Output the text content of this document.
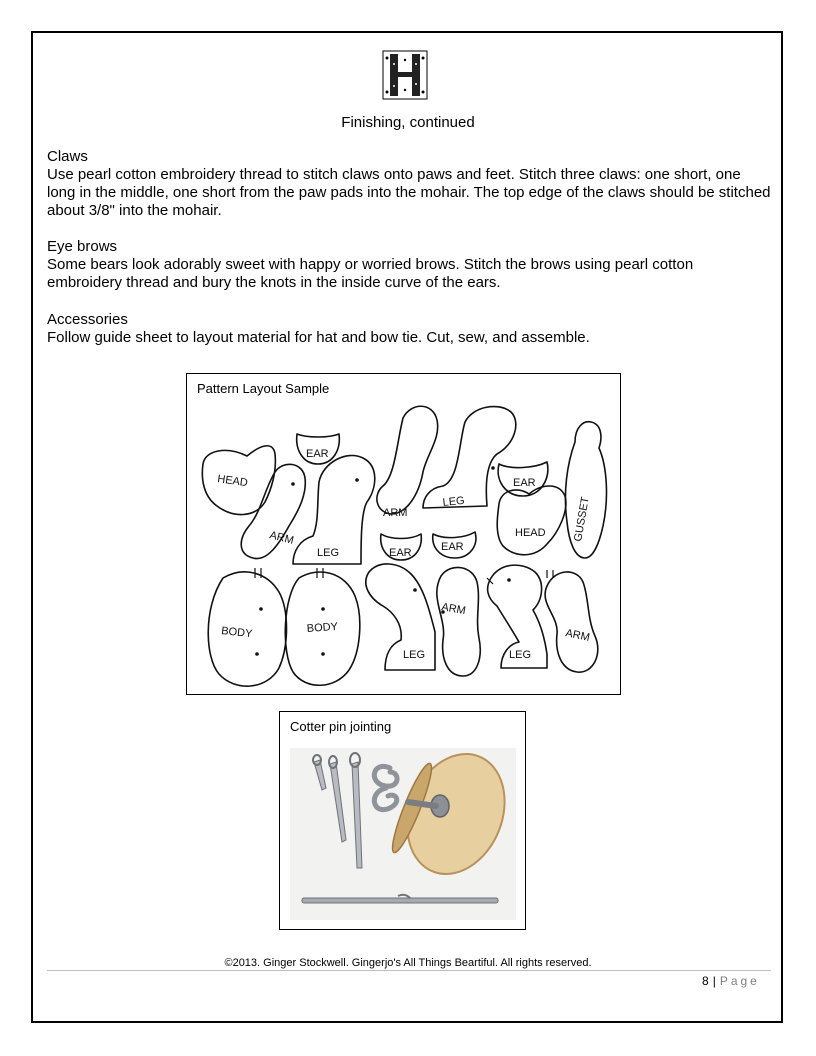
Finishing, continued
Claws
Use pearl cotton embroidery thread to stitch claws onto paws and feet. Stitch three claws: one short, one long in the middle, one short from the paw pads into the mohair. The top edge of the claws should be stitched about 3/8" into the mohair.
Eye brows
Some bears look adorably sweet with happy or worried brows. Stitch the brows using pearl cotton embroidery thread and bury the knots in the inside curve of the ears.
Accessories
Follow guide sheet to layout material for hat and bow tie. Cut, sew, and assemble.
Pattern Layout Sample
HEAD
EAR
ARM
LEG
ARM
LEG
EAR
HEAD GUSSET
EAR	EAR
BODY	BODY
LEG
ARM
LEG
ARM
Cotter pin jointing
©2013. Ginger Stockwell. Gingerjo's All Things Beartiful. All rights reserved.
8 | Page
